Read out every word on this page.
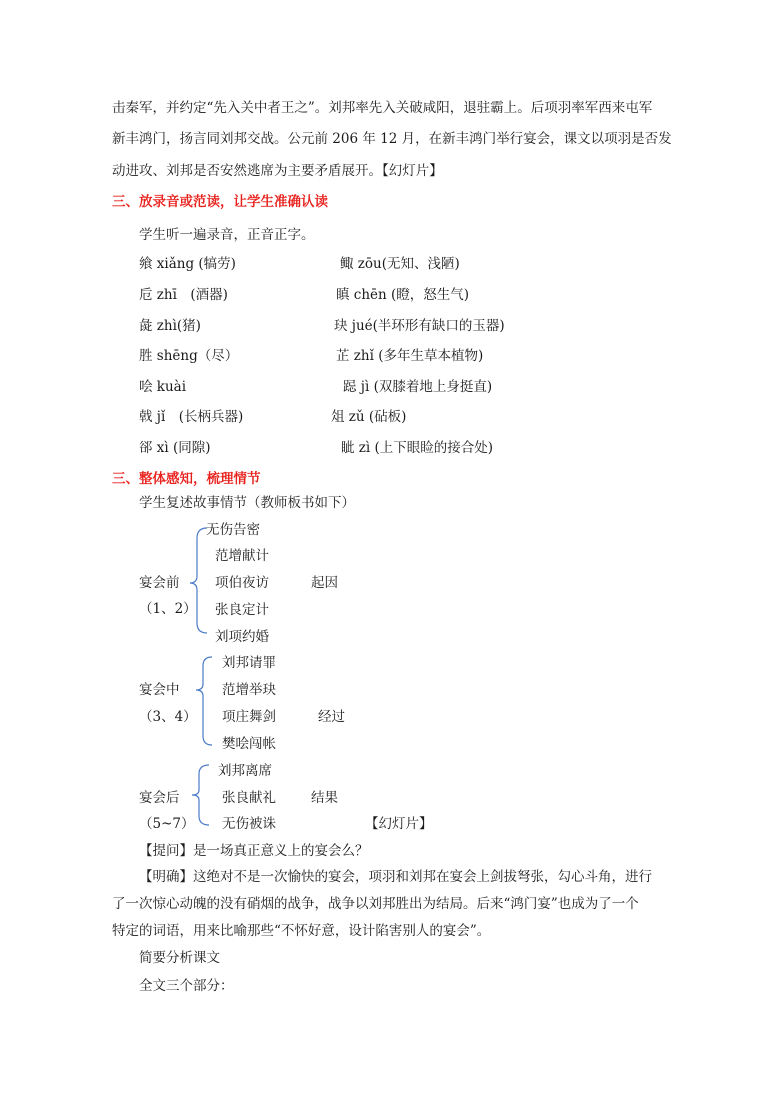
击秦军，并约定“先入关中者王之”。刘邦率先入关破咸阳，退驻霸上。后项羽率军西来屯军
新丰鸿门，扬言同刘邦交战。公元前 206 年 12 月，在新丰鸿门举行宴会，课文以项羽是否发
动进攻、刘邦是否安然逃席为主要矛盾展开。【幻灯片】
三、放录音或范读，让学生准确认读
学生听一遍录音，正音正字。
飨 xiǎng (犒劳)	鲰 zōu(无知、浅陋)
卮 zhī　(酒器)	瞋 chēn (瞪，怒生气)
彘 zhì(猪)	玦 jué(半环形有缺口的玉器)
胜 shēng（尽）	芷 zhǐ (多年生草本植物)
哙 kuài	跽 jì (双膝着地上身挺直)
戟 jǐ　(长柄兵器)	俎 zǔ (砧板)
郤 xì (同隙)	眦 zì (上下眼睑的接合处)
三、整体感知，梳理情节
学生复述故事情节（教师板书如下）
宴会前
（1、2）
无伤告密
范增献计
项伯夜访
张良定计
刘项约婚
起因
宴会中
（3、4）
刘邦请罪
范增举玦
项庄舞剑
樊哙闯帐
经过
宴会后
（5~7）
刘邦离席
张良献礼
无伤被诛
结果
【幻灯片】
【提问】是一场真正意义上的宴会么？
【明确】这绝对不是一次愉快的宴会，项羽和刘邦在宴会上剑拔弩张，勾心斗角，进行
了一次惊心动魄的没有硝烟的战争，战争以刘邦胜出为结局。后来“鸿门宴”也成为了一个
特定的词语，用来比喻那些“不怀好意，设计陷害别人的宴会”。
简要分析课文
全文三个部分：
